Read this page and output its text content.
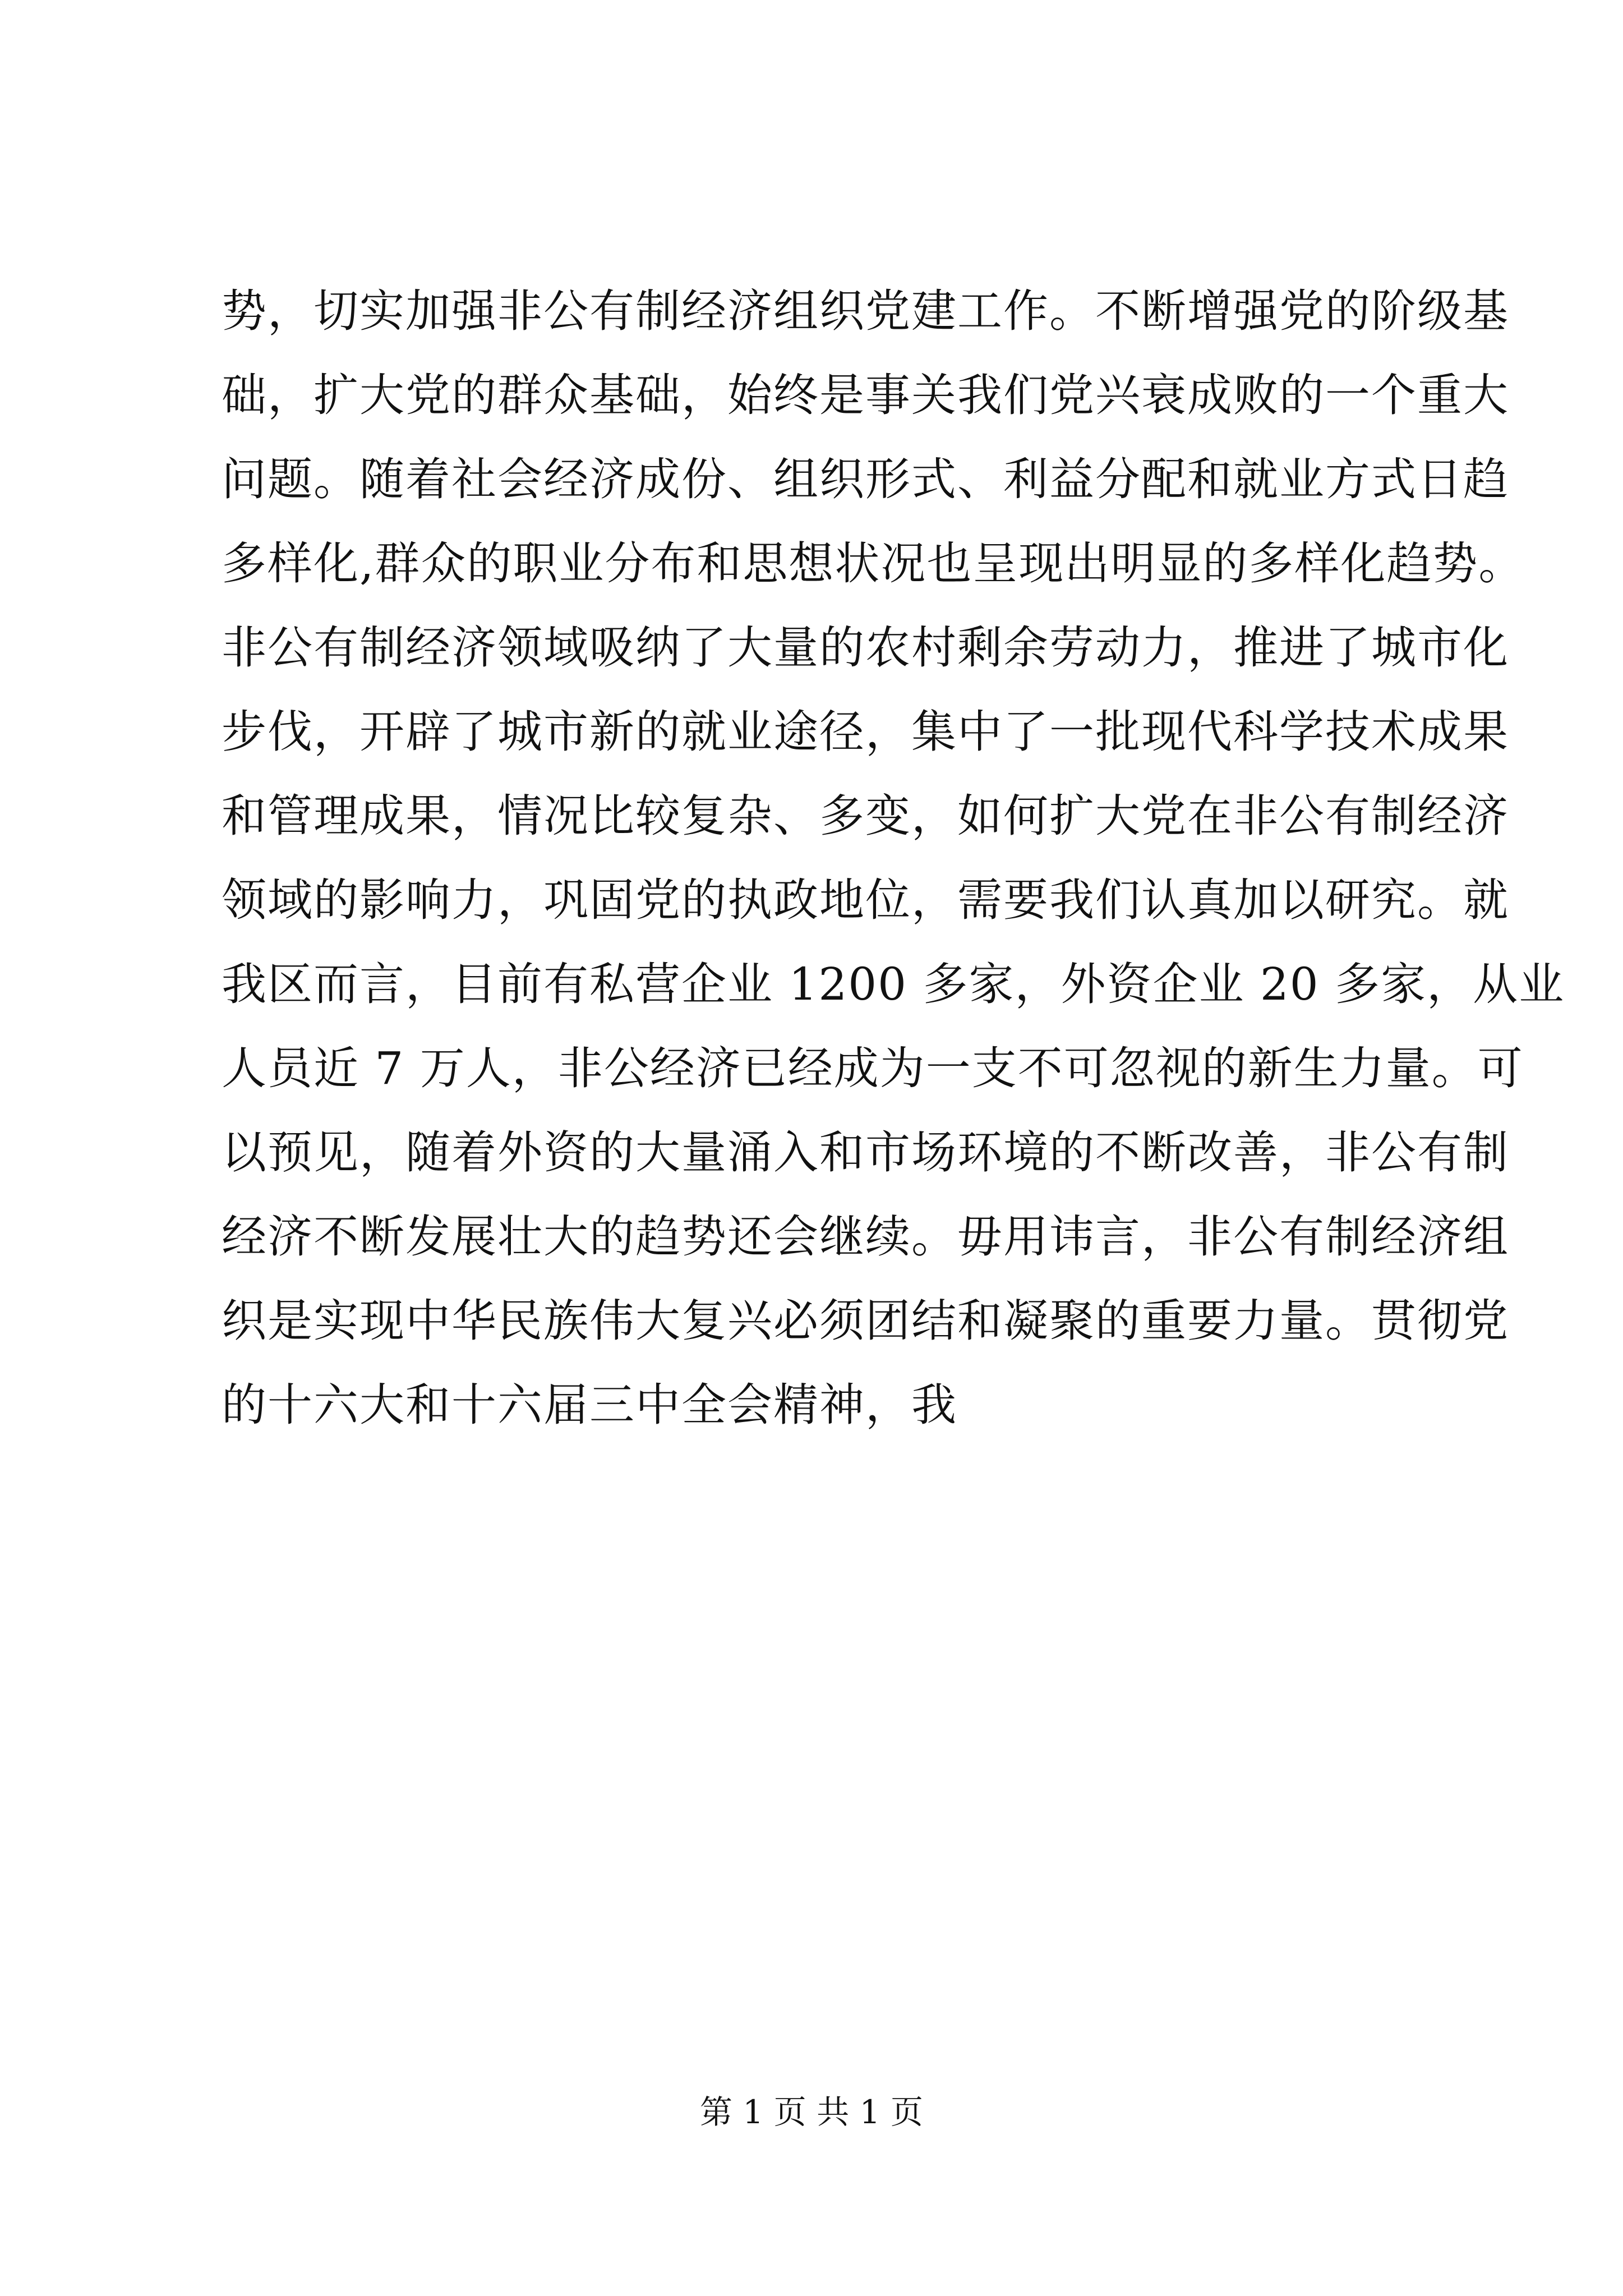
势，切实加强非公有制经济组织党建工作。不断增强党的阶级基
础，扩大党的群众基础，始终是事关我们党兴衰成败的一个重大
问题。随着社会经济成份、组织形式、利益分配和就业方式日趋
多样化,群众的职业分布和思想状况也呈现出明显的多样化趋势。
非公有制经济领域吸纳了大量的农村剩余劳动力，推进了城市化
步伐，开辟了城市新的就业途径，集中了一批现代科学技术成果
和管理成果，情况比较复杂、多变，如何扩大党在非公有制经济
领域的影响力，巩固党的执政地位，需要我们认真加以研究。就
我区而言，目前有私营企业 1200 多家，外资企业 20 多家，从业
人员近 7 万人，非公经济已经成为一支不可忽视的新生力量。可
以预见，随着外资的大量涌入和市场环境的不断改善，非公有制
经济不断发展壮大的趋势还会继续。毋用讳言，非公有制经济组
织是实现中华民族伟大复兴必须团结和凝聚的重要力量。贯彻党
的十六大和十六届三中全会精神，我
第 1 页 共 1 页
